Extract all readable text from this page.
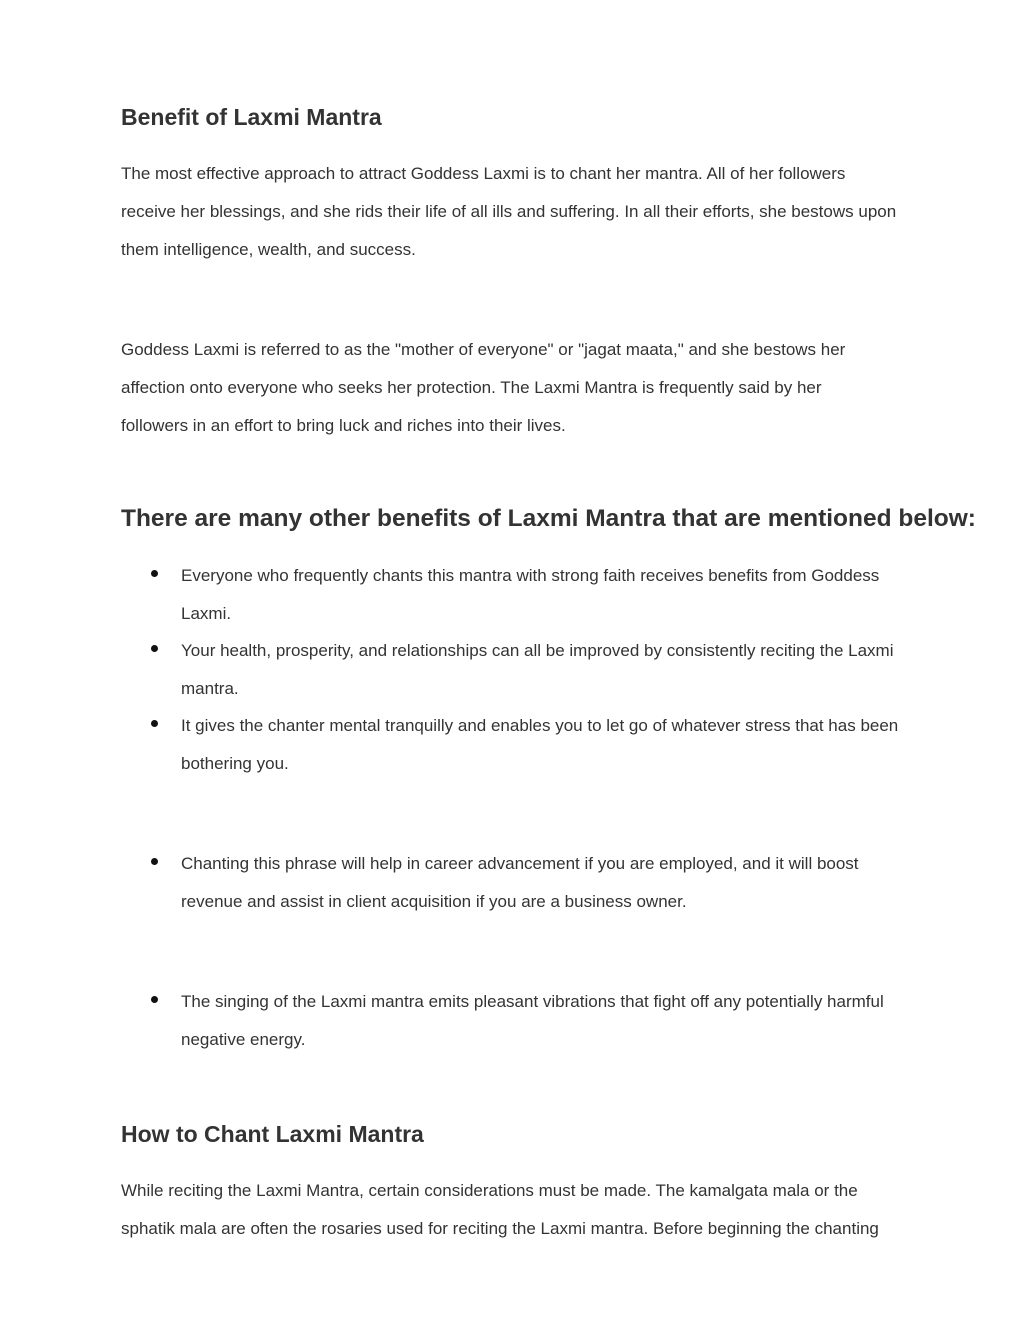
Benefit of Laxmi Mantra

The most effective approach to attract Goddess Laxmi is to chant her mantra. All of her followers
receive her blessings, and she rids their life of all ills and suffering. In all their efforts, she bestows upon
them intelligence, wealth, and success.

Goddess Laxmi is referred to as the "mother of everyone" or "jagat maata," and she bestows her
affection onto everyone who seeks her protection. The Laxmi Mantra is frequently said by her
followers in an effort to bring luck and riches into their lives.

There are many other benefits of Laxmi Mantra that are mentioned below:
Everyone who frequently chants this mantra with strong faith receives benefits from Goddess
Laxmi.
Your health, prosperity, and relationships can all be improved by consistently reciting the Laxmi
mantra.
It gives the chanter mental tranquilly and enables you to let go of whatever stress that has been
bothering you.
Chanting this phrase will help in career advancement if you are employed, and it will boost
revenue and assist in client acquisition if you are a business owner.
The singing of the Laxmi mantra emits pleasant vibrations that fight off any potentially harmful
negative energy.
How to Chant Laxmi Mantra

While reciting the Laxmi Mantra, certain considerations must be made. The kamalgata mala or the
sphatik mala are often the rosaries used for reciting the Laxmi mantra. Before beginning the chanting
